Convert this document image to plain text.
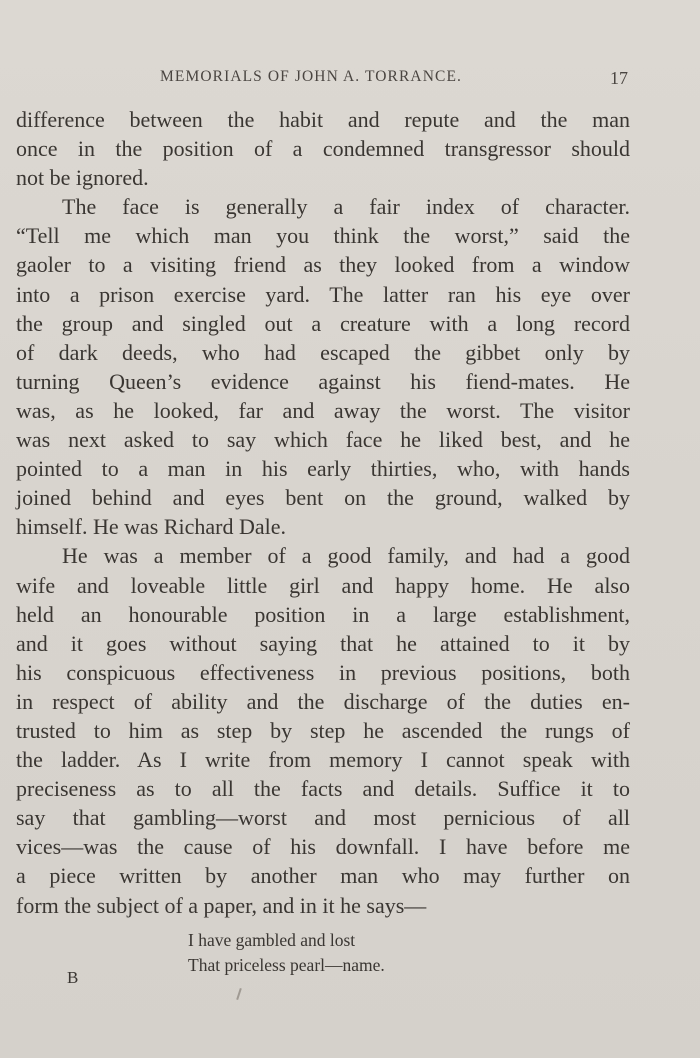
MEMORIALS OF JOHN A. TORRANCE.	17
difference between the habit and repute and the man
once in the position of a condemned transgressor should
not be ignored.
The face is generally a fair index of character.
“Tell me which man you think the worst,” said the
gaoler to a visiting friend as they looked from a window
into a prison exercise yard. The latter ran his eye over
the group and singled out a creature with a long record
of dark deeds, who had escaped the gibbet only by
turning Queen’s evidence against his fiend-mates. He
was, as he looked, far and away the worst. The visitor
was next asked to say which face he liked best, and he
pointed to a man in his early thirties, who, with hands
joined behind and eyes bent on the ground, walked by
himself. He was Richard Dale.
He was a member of a good family, and had a good
wife and loveable little girl and happy home. He also
held an honourable position in a large establishment,
and it goes without saying that he attained to it by
his conspicuous effectiveness in previous positions, both
in respect of ability and the discharge of the duties en-
trusted to him as step by step he ascended the rungs of
the ladder. As I write from memory I cannot speak with
preciseness as to all the facts and details. Suffice it to
say that gambling—worst and most pernicious of all
vices—was the cause of his downfall. I have before me
a piece written by another man who may further on
form the subject of a paper, and in it he says—
I have gambled and lost
That priceless pearl—name.
B
